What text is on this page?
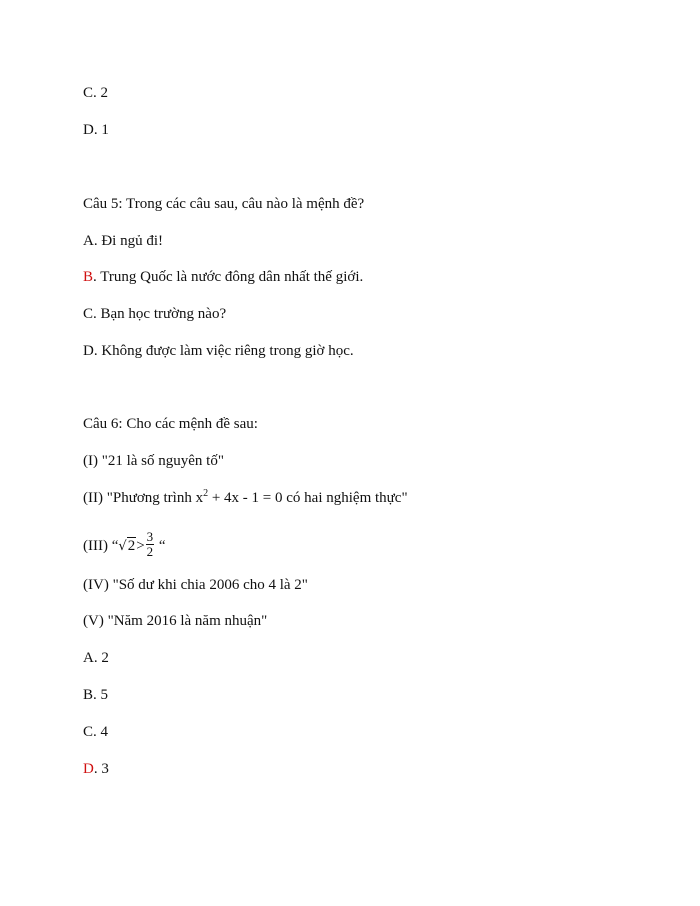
C. 2
D. 1
Câu 5: Trong các câu sau, câu nào là mệnh đề?
A. Đi ngủ đi!
B. Trung Quốc là nước đông dân nhất thế giới.
C. Bạn học trường nào?
D. Không được làm việc riêng trong giờ học.
Câu 6: Cho các mệnh đề sau:
(I) "21 là số nguyên tố"
(II) "Phương trình $x^2 + 4x - 1 = 0$ có hai nghiệm thực"
(III) “$√2> \frac{3}{2}$ “
(IV) "Số dư khi chia 2006 cho 4 là 2"
(V) "Năm 2016 là năm nhuận"
A. 2
B. 5
C. 4
D. 3
